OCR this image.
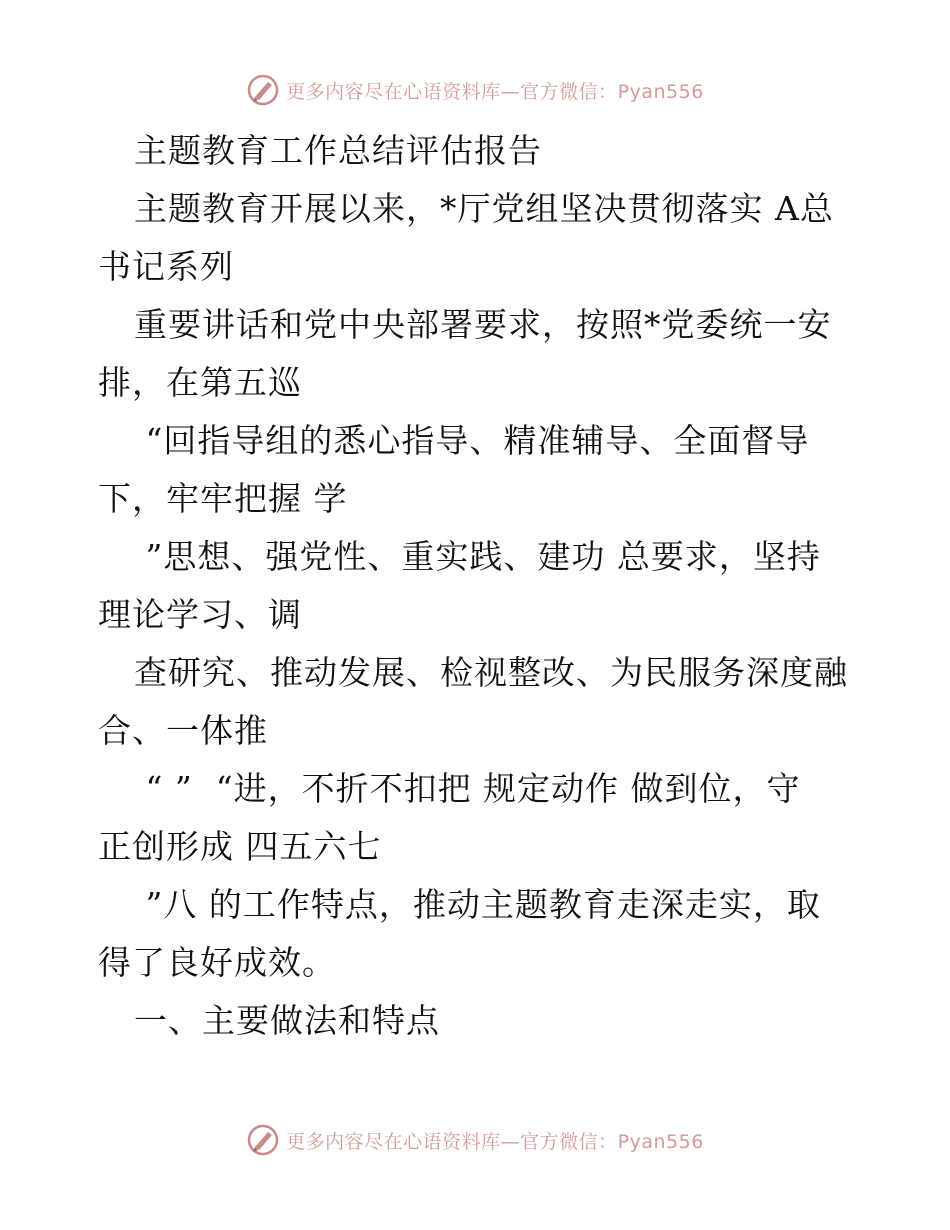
更多内容尽在心语资料库—官方微信：Pyan556
主题教育工作总结评估报告
主题教育开展以来，*厅党组坚决贯彻落实 A总
书记系列
重要讲话和党中央部署要求，按照*党委统一安
排，在第五巡
“回指导组的悉心指导、精准辅导、全面督导
下，牢牢把握 学
”思想、强党性、重实践、建功 总要求，坚持
理论学习、调
查研究、推动发展、检视整改、为民服务深度融
合、一体推
“ ”  “进，不折不扣把 规定动作 做到位，守
正创形成 四五六七
”八 的工作特点，推动主题教育走深走实，取
得了良好成效。
一、主要做法和特点
更多内容尽在心语资料库—官方微信：Pyan556
